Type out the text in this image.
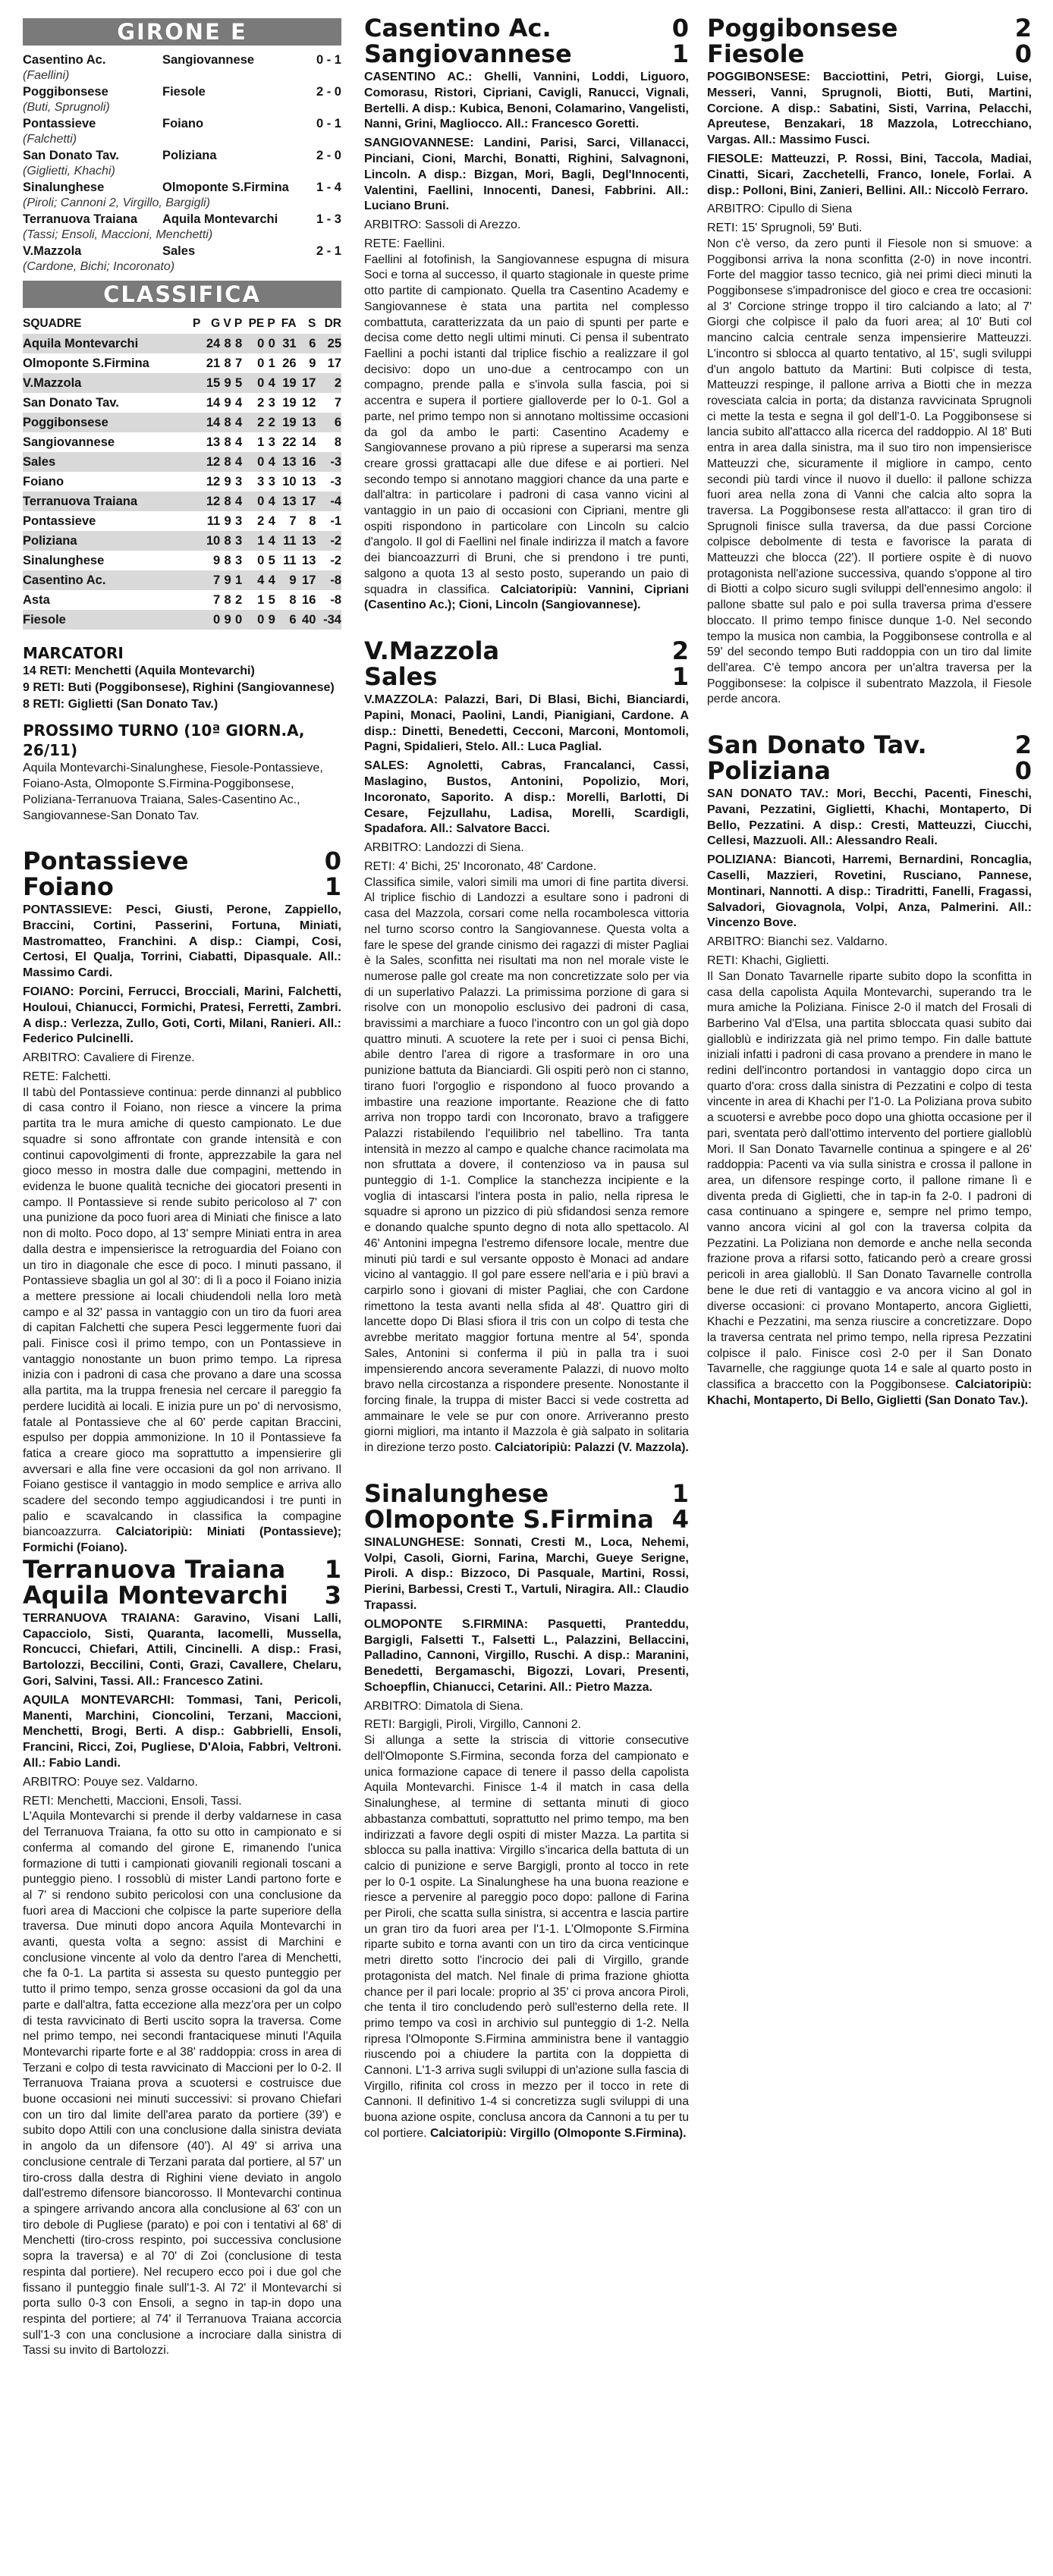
GIRONE E
Casentino Ac.	Sangiovannese	0 - 1
(Faellini)
Poggibonsese	Fiesole	2 - 0
(Buti, Sprugnoli)
Pontassieve	Foiano	0 - 1
(Falchetti)
San Donato Tav.	Poliziana	2 - 0
(Giglietti, Khachi)
Sinalunghese	Olmoponte S.Firmina	1 - 4
(Piroli; Cannoni 2, Virgillo, Bargigli)
Terranuova Traiana	Aquila Montevarchi	1 - 3
(Tassi; Ensoli, Maccioni, Menchetti)
V.Mazzola	Sales	2 - 1
(Cardone, Bichi; Incoronato)
CLASSIFICA
SQUADRE	P	G	V	P	PE	P	FA	S	DR
Aquila Montevarchi		24	8	8	0	0	31	6	25
Olmoponte S.Firmina		21	8	7	0	1	26	9	17
V.Mazzola		15	9	5	0	4	19	17	2
San Donato Tav.		14	9	4	2	3	19	12	7
Poggibonsese		14	8	4	2	2	19	13	6
Sangiovannese		13	8	4	1	3	22	14	8
Sales		12	8	4	0	4	13	16	-3
Foiano		12	9	3	3	3	10	13	-3
Terranuova Traiana		12	8	4	0	4	13	17	-4
Pontassieve		11	9	3	2	4	7	8	-1
Poliziana		10	8	3	1	4	11	13	-2
Sinalunghese		9	8	3	0	5	11	13	-2
Casentino Ac.		7	9	1	4	4	9	17	-8
Asta		7	8	2	1	5	8	16	-8
Fiesole		0	9	0	0	9	6	40	-34
MARCATORI
14 RETI: Menchetti (Aquila Montevarchi)
9 RETI: Buti (Poggibonsese), Righini (Sangiovannese)
8 RETI: Giglietti (San Donato Tav.)
PROSSIMO TURNO (10ª GIORN.A, 26/11)
Aquila Montevarchi-Sinalunghese, Fiesole-Pontassieve, Foiano-Asta, Olmoponte S.Firmina-Poggibonsese, Poliziana-Terranuova Traiana, Sales-Casentino Ac., Sangiovannese-San Donato Tav.
Pontassieve	0
Foiano	1
PONTASSIEVE: Pesci, Giusti, Perone, Zappiello, Braccini, Cortini, Passerini, Fortuna, Miniati, Mastromatteo, Franchini. A disp.: Ciampi, Cosi, Certosi, El Qualja, Torrini, Ciabatti, Dipasquale. All.: Massimo Cardi.
FOIANO: Porcini, Ferrucci, Brocciali, Marini, Falchetti, Houloui, Chianucci, Formichi, Pratesi, Ferretti, Zambri. A disp.: Verlezza, Zullo, Goti, Corti, Milani, Ranieri. All.: Federico Pulcinelli.
ARBITRO: Cavaliere di Firenze.
RETE: Falchetti.
Il tabù del Pontassieve continua: perde dinnanzi al pubblico di casa contro il Foiano, non riesce a vincere la prima partita tra le mura amiche di questo campionato. Le due squadre si sono affrontate con grande intensità e con continui capovolgimenti di fronte, apprezzabile la gara nel gioco messo in mostra dalle due compagini, mettendo in evidenza le buone qualità tecniche dei giocatori presenti in campo. Il Pontassieve si rende subito pericoloso al 7' con una punizione da poco fuori area di Miniati che finisce a lato non di molto. Poco dopo, al 13' sempre Miniati entra in area dalla destra e impensierisce la retroguardia del Foiano con un tiro in diagonale che esce di poco. I minuti passano, il Pontassieve sbaglia un gol al 30': di lì a poco il Foiano inizia a mettere pressione ai locali chiudendoli nella loro metà campo e al 32' passa in vantaggio con un tiro da fuori area di capitan Falchetti che supera Pesci leggermente fuori dai pali. Finisce così il primo tempo, con un Pontassieve in vantaggio nonostante un buon primo tempo. La ripresa inizia con i padroni di casa che provano a dare una scossa alla partita, ma la truppa frenesia nel cercare il pareggio fa perdere lucidità ai locali. E inizia pure un po' di nervosismo, fatale al Pontassieve che al 60' perde capitan Braccini, espulso per doppia ammonizione. In 10 il Pontassieve fa fatica a creare gioco ma soprattutto a impensierire gli avversari e alla fine vere occasioni da gol non arrivano. Il Foiano gestisce il vantaggio in modo semplice e arriva allo scadere del secondo tempo aggiudicandosi i tre punti in palio e scavalcando in classifica la compagine biancoazzurra. Calciatoripiù: Miniati (Pontassieve); Formichi (Foiano).
Terranuova Traiana 1
Aquila Montevarchi 3
TERRANUOVA TRAIANA: Garavino, Visani Lalli, Capacciolo, Sisti, Quaranta, Iacomelli, Mussella, Roncucci, Chiefari, Attili, Cincinelli. A disp.: Frasi, Bartolozzi, Beccilini, Conti, Grazi, Cavallere, Chelaru, Gori, Salvini, Tassi. All.: Francesco Zatini.
AQUILA MONTEVARCHI: Tommasi, Tani, Pericoli, Manenti, Marchini, Cioncolini, Terzani, Maccioni, Menchetti, Brogi, Berti. A disp.: Gabbrielli, Ensoli, Francini, Ricci, Zoi, Pugliese, D'Aloia, Fabbri, Veltroni. All.: Fabio Landi.
ARBITRO: Pouye sez. Valdarno.
RETI: Menchetti, Maccioni, Ensoli, Tassi.
L'Aquila Montevarchi si prende il derby valdarnese in casa del Terranuova Traiana, fa otto su otto in campionato e si conferma al comando del girone E, rimanendo l'unica formazione di tutti i campionati giovanili regionali toscani a punteggio pieno. I rossoblù di mister Landi partono forte e al 7' si rendono subito pericolosi con una conclusione da fuori area di Maccioni che colpisce la parte superiore della traversa. Due minuti dopo ancora Aquila Montevarchi in avanti, questa volta a segno: assist di Marchini e conclusione vincente al volo da dentro l'area di Menchetti, che fa 0-1. La partita si assesta su questo punteggio per tutto il primo tempo, senza grosse occasioni da gol da una parte e dall'altra, fatta eccezione alla mezz'ora per un colpo di testa ravvicinato di Berti uscito sopra la traversa. Come nel primo tempo, nei secondi frantaciquese minuti l'Aquila Montevarchi riparte forte e al 38' raddoppia: cross in area di Terzani e colpo di testa ravvicinato di Maccioni per lo 0-2. Il Terranuova Traiana prova a scuotersi e costruisce due buone occasioni nei minuti successivi: si provano Chiefari con un tiro dal limite dell'area parato da portiere (39') e subito dopo Attili con una conclusione dalla sinistra deviata in angolo da un difensore (40'). Al 49' si arriva una conclusione centrale di Terzani parata dal portiere, al 57' un tiro-cross dalla destra di Righini viene deviato in angolo dall'estremo difensore biancorosso. Il Montevarchi continua a spingere arrivando ancora alla conclusione al 63' con un tiro debole di Pugliese (parato) e poi con i tentativi al 68' di Menchetti (tiro-cross respinto, poi successiva conclusione sopra la traversa) e al 70' di Zoi (conclusione di testa respinta dal portiere). Nel recupero ecco poi i due gol che fissano il punteggio finale sull'1-3. Al 72' il Montevarchi si porta sullo 0-3 con Ensoli, a segno in tap-in dopo una respinta del portiere; al 74' il Terranuova Traiana accorcia sull'1-3 con una conclusione a incrociare dalla sinistra di Tassi su invito di Bartolozzi.
Casentino Ac.	0
Sangiovannese	1
CASENTINO AC.: Ghelli, Vannini, Loddi, Liguoro, Comorasu, Ristori, Cipriani, Cavigli, Ranucci, Vignali, Bertelli. A disp.: Kubica, Benoni, Colamarino, Vangelisti, Nanni, Grini, Magliocco. All.: Francesco Goretti.
SANGIOVANNESE: Landini, Parisi, Sarci, Villanacci, Pinciani, Cioni, Marchi, Bonatti, Righini, Salvagnoni, Lincoln. A disp.: Bizgan, Mori, Bagli, Degl'Innocenti, Valentini, Faellini, Innocenti, Danesi, Fabbrini. All.: Luciano Bruni.
ARBITRO: Sassoli di Arezzo.
RETE: Faellini.
Faellini al fotofinish, la Sangiovannese espugna di misura Soci e torna al successo, il quarto stagionale in queste prime otto partite di campionato. Quella tra Casentino Academy e Sangiovannese è stata una partita nel complesso combattuta, caratterizzata da un paio di spunti per parte e decisa come detto negli ultimi minuti. Ci pensa il subentrato Faellini a pochi istanti dal triplice fischio a realizzare il gol decisivo: dopo un uno-due a centrocampo con un compagno, prende palla e s'invola sulla fascia, poi si accentra e supera il portiere gialloverde per lo 0-1. Gol a parte, nel primo tempo non si annotano moltissime occasioni da gol da ambo le parti: Casentino Academy e Sangiovannese provano a più riprese a superarsi ma senza creare grossi grattacapi alle due difese e ai portieri. Nel secondo tempo si annotano maggiori chance da una parte e dall'altra: in particolare i padroni di casa vanno vicini al vantaggio in un paio di occasioni con Cipriani, mentre gli ospiti rispondono in particolare con Lincoln su calcio d'angolo. Il gol di Faellini nel finale indirizza il match a favore dei biancoazzurri di Bruni, che si prendono i tre punti, salgono a quota 13 al sesto posto, superando un paio di squadra in classifica. Calciatoripiù: Vannini, Cipriani (Casentino Ac.); Cioni, Lincoln (Sangiovannese).
V.Mazzola	2
Sales	1
V.MAZZOLA: Palazzi, Bari, Di Blasi, Bichi, Bianciardi, Papini, Monaci, Paolini, Landi, Pianigiani, Cardone. A disp.: Dinetti, Benedetti, Cecconi, Marconi, Montomoli, Pagni, Spidalieri, Stelo. All.: Luca Paglial.
SALES: Agnoletti, Cabras, Francalanci, Cassi, Maslagino, Bustos, Antonini, Popolizio, Mori, Incoronato, Saporito. A disp.: Morelli, Barlotti, Di Cesare, Fejzullahu, Ladisa, Morelli, Scardigli, Spadafora. All.: Salvatore Bacci.
ARBITRO: Landozzi di Siena.
RETI: 4' Bichi, 25' Incoronato, 48' Cardone.
Classifica simile, valori simili ma umori di fine partita diversi. Al triplice fischio di Landozzi a esultare sono i padroni di casa del Mazzola, corsari come nella rocambolesca vittoria nel turno scorso contro la Sangiovannese. Questa volta a fare le spese del grande cinismo dei ragazzi di mister Pagliai è la Sales, sconfitta nei risultati ma non nel morale viste le numerose palle gol create ma non concretizzate solo per via di un superlativo Palazzi. La primissima porzione di gara si risolve con un monopolio esclusivo dei padroni di casa, bravissimi a marchiare a fuoco l'incontro con un gol già dopo quattro minuti. A scuotere la rete per i suoi ci pensa Bichi, abile dentro l'area di rigore a trasformare in oro una punizione battuta da Bianciardi. Gli ospiti però non ci stanno, tirano fuori l'orgoglio e rispondono al fuoco provando a imbastire una reazione importante. Reazione che di fatto arriva non troppo tardi con Incoronato, bravo a trafiggere Palazzi ristabilendo l'equilibrio nel tabellino. Tra tanta intensità in mezzo al campo e qualche chance racimolata ma non sfruttata a dovere, il contenzioso va in pausa sul punteggio di 1-1. Complice la stanchezza incipiente e la voglia di intascarsi l'intera posta in palio, nella ripresa le squadre si aprono un pizzico di più sfidandosi senza remore e donando qualche spunto degno di nota allo spettacolo. Al 46' Antonini impegna l'estremo difensore locale, mentre due minuti più tardi e sul versante opposto è Monaci ad andare vicino al vantaggio. Il gol pare essere nell'aria e i più bravi a carpirlo sono i giovani di mister Pagliai, che con Cardone rimettono la testa avanti nella sfida al 48'. Quattro giri di lancette dopo Di Blasi sfiora il tris con un colpo di testa che avrebbe meritato maggior fortuna mentre al 54', sponda Sales, Antonini si conferma il più in palla tra i suoi impensierendo ancora severamente Palazzi, di nuovo molto bravo nella circostanza a rispondere presente. Nonostante il forcing finale, la truppa di mister Bacci si vede costretta ad ammainare le vele se pur con onore. Arriveranno presto giorni migliori, ma intanto il Mazzola è già salpato in solitaria in direzione terzo posto. Calciatoripiù: Palazzi (V. Mazzola).
Sinalunghese	1
Olmoponte S.Firmina 4
SINALUNGHESE: Sonnati, Cresti M., Loca, Nehemi, Volpi, Casoli, Giorni, Farina, Marchi, Gueye Serigne, Piroli. A disp.: Bizzoco, Di Pasquale, Martini, Rossi, Pierini, Barbessi, Cresti T., Vartuli, Niragira. All.: Claudio Trapassi.
OLMOPONTE S.FIRMINA: Pasquetti, Pranteddu, Bargigli, Falsetti T., Falsetti L., Palazzini, Bellaccini, Palladino, Cannoni, Virgillo, Ruschi. A disp.: Maranini, Benedetti, Bergamaschi, Bigozzi, Lovari, Presenti, Schoepflin, Chianucci, Cetarini. All.: Pietro Mazza.
ARBITRO: Dimatola di Siena.
RETI: Bargigli, Piroli, Virgillo, Cannoni 2.
Si allunga a sette la striscia di vittorie consecutive dell'Olmoponte S.Firmina, seconda forza del campionato e unica formazione capace di tenere il passo della capolista Aquila Montevarchi. Finisce 1-4 il match in casa della Sinalunghese, al termine di settanta minuti di gioco abbastanza combattuti, soprattutto nel primo tempo, ma ben indirizzati a favore degli ospiti di mister Mazza. La partita si sblocca su palla inattiva: Virgillo s'incarica della battuta di un calcio di punizione e serve Bargigli, pronto al tocco in rete per lo 0-1 ospite. La Sinalunghese ha una buona reazione e riesce a pervenire al pareggio poco dopo: pallone di Farina per Piroli, che scatta sulla sinistra, si accentra e lascia partire un gran tiro da fuori area per l'1-1. L'Olmoponte S.Firmina riparte subito e torna avanti con un tiro da circa venticinque metri diretto sotto l'incrocio dei pali di Virgillo, grande protagonista del match. Nel finale di prima frazione ghiotta chance per il pari locale: proprio al 35' ci prova ancora Piroli, che tenta il tiro concludendo però sull'esterno della rete. Il primo tempo va così in archivio sul punteggio di 1-2. Nella ripresa l'Olmoponte S.Firmina amministra bene il vantaggio riuscendo poi a chiudere la partita con la doppietta di Cannoni. L'1-3 arriva sugli sviluppi di un'azione sulla fascia di Virgillo, rifinita col cross in mezzo per il tocco in rete di Cannoni. Il definitivo 1-4 si concretizza sugli sviluppi di una buona azione ospite, conclusa ancora da Cannoni a tu per tu col portiere. Calciatoripiù: Virgillo (Olmoponte S.Firmina).
Poggibonsese	2
Fiesole	0
POGGIBONSESE: Bacciottini, Petri, Giorgi, Luise, Messeri, Vanni, Sprugnoli, Biotti, Buti, Martini, Corcione. A disp.: Sabatini, Sisti, Varrina, Pelacchi, Apreutese, Benzakari, 18 Mazzola, Lotrecchiano, Vargas. All.: Massimo Fusci.
FIESOLE: Matteuzzi, P. Rossi, Bini, Taccola, Madiai, Cinatti, Sicari, Zacchetelli, Franco, Ionele, Forlai. A disp.: Polloni, Bini, Zanieri, Bellini. All.: Niccolò Ferraro.
ARBITRO: Cipullo di Siena
RETI: 15' Sprugnoli, 59' Buti.
Non c'è verso, da zero punti il Fiesole non si smuove: a Poggibonsi arriva la nona sconfitta (2-0) in nove incontri. Forte del maggior tasso tecnico, già nei primi dieci minuti la Poggibonsese s'impadronisce del gioco e crea tre occasioni: al 3' Corcione stringe troppo il tiro calciando a lato; al 7' Giorgi che colpisce il palo da fuori area; al 10' Buti col mancino calcia centrale senza impensierire Matteuzzi. L'incontro si sblocca al quarto tentativo, al 15', sugli sviluppi d'un angolo battuto da Martini: Buti colpisce di testa, Matteuzzi respinge, il pallone arriva a Biotti che in mezza rovesciata calcia in porta; da distanza ravvicinata Sprugnoli ci mette la testa e segna il gol dell'1-0. La Poggibonsese si lancia subito all'attacco alla ricerca del raddoppio. Al 18' Buti entra in area dalla sinistra, ma il suo tiro non impensierisce Matteuzzi che, sicuramente il migliore in campo, cento secondi più tardi vince il nuovo il duello: il pallone schizza fuori area nella zona di Vanni che calcia alto sopra la traversa. La Poggibonsese resta all'attacco: il gran tiro di Sprugnoli finisce sulla traversa, da due passi Corcione colpisce debolmente di testa e favorisce la parata di Matteuzzi che blocca (22'). Il portiere ospite è di nuovo protagonista nell'azione successiva, quando s'oppone al tiro di Biotti a colpo sicuro sugli sviluppi dell'ennesimo angolo: il pallone sbatte sul palo e poi sulla traversa prima d'essere bloccato. Il primo tempo finisce dunque 1-0. Nel secondo tempo la musica non cambia, la Poggibonsese controlla e al 59' del secondo tempo Buti raddoppia con un tiro dal limite dell'area. C'è tempo ancora per un'altra traversa per la Poggibonsese: la colpisce il subentrato Mazzola, il Fiesole perde ancora.
San Donato Tav.	2
Poliziana	0
SAN DONATO TAV.: Mori, Becchi, Pacenti, Fineschi, Pavani, Pezzatini, Giglietti, Khachi, Montaperto, Di Bello, Pezzatini. A disp.: Cresti, Matteuzzi, Ciucchi, Cellesi, Mazzuoli. All.: Alessandro Reali.
POLIZIANA: Biancoti, Harremi, Bernardini, Roncaglia, Caselli, Mazzieri, Rovetini, Rusciano, Pannese, Montinari, Nannotti. A disp.: Tiradritti, Fanelli, Fragassi, Salvadori, Giovagnola, Volpi, Anza, Palmerini. All.: Vincenzo Bove.
ARBITRO: Bianchi sez. Valdarno.
RETI: Khachi, Giglietti.
Il San Donato Tavarnelle riparte subito dopo la sconfitta in casa della capolista Aquila Montevarchi, superando tra le mura amiche la Poliziana. Finisce 2-0 il match del Frosali di Barberino Val d'Elsa, una partita sbloccata quasi subito dai gialloblù e indirizzata già nel primo tempo. Fin dalle battute iniziali infatti i padroni di casa provano a prendere in mano le redini dell'incontro portandosi in vantaggio dopo circa un quarto d'ora: cross dalla sinistra di Pezzatini e colpo di testa vincente in area di Khachi per l'1-0. La Poliziana prova subito a scuotersi e avrebbe poco dopo una ghiotta occasione per il pari, sventata però dall'ottimo intervento del portiere gialloblù Mori. Il San Donato Tavarnelle continua a spingere e al 26' raddoppia: Pacenti va via sulla sinistra e crossa il pallone in area, un difensore respinge corto, il pallone rimane lì e diventa preda di Giglietti, che in tap-in fa 2-0. I padroni di casa continuano a spingere e, sempre nel primo tempo, vanno ancora vicini al gol con la traversa colpita da Pezzatini. La Poliziana non demorde e anche nella seconda frazione prova a rifarsi sotto, faticando però a creare grossi pericoli in area gialloblù. Il San Donato Tavarnelle controlla bene le due reti di vantaggio e va ancora vicino al gol in diverse occasioni: ci provano Montaperto, ancora Giglietti, Khachi e Pezzatini, ma senza riuscire a concretizzare. Dopo la traversa centrata nel primo tempo, nella ripresa Pezzatini colpisce il palo. Finisce così 2-0 per il San Donato Tavarnelle, che raggiunge quota 14 e sale al quarto posto in classifica a braccetto con la Poggibonsese. Calciatoripiù: Khachi, Montaperto, Di Bello, Giglietti (San Donato Tav.).
